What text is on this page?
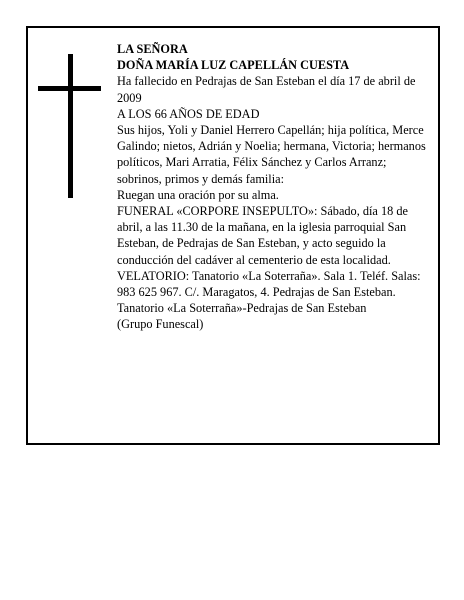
LA SEÑORA

DOÑA MARÍA LUZ CAPELLÁN CUESTA

Ha fallecido en Pedrajas de San Esteban el día 17 de abril de 2009

A LOS 66 AÑOS DE EDAD

Sus hijos, Yoli y Daniel Herrero Capellán; hija política, Merce Galindo; nietos, Adrián y Noelia; hermana, Victoria; hermanos políticos, Mari Arratia, Félix Sánchez y Carlos Arranz; sobrinos, primos y demás familia:

Ruegan una oración por su alma.

FUNERAL «CORPORE INSEPULTO»: Sábado, día 18 de abril, a las 11.30 de la mañana, en la iglesia parroquial San Esteban, de Pedrajas de San Esteban, y acto seguido la conducción del cadáver al cementerio de esta localidad.

VELATORIO: Tanatorio «La Soterraña». Sala 1. Teléf. Salas: 983 625 967. C/. Maragatos, 4. Pedrajas de San Esteban.

Tanatorio «La Soterraña»-Pedrajas de San Esteban

(Grupo Funescal)
